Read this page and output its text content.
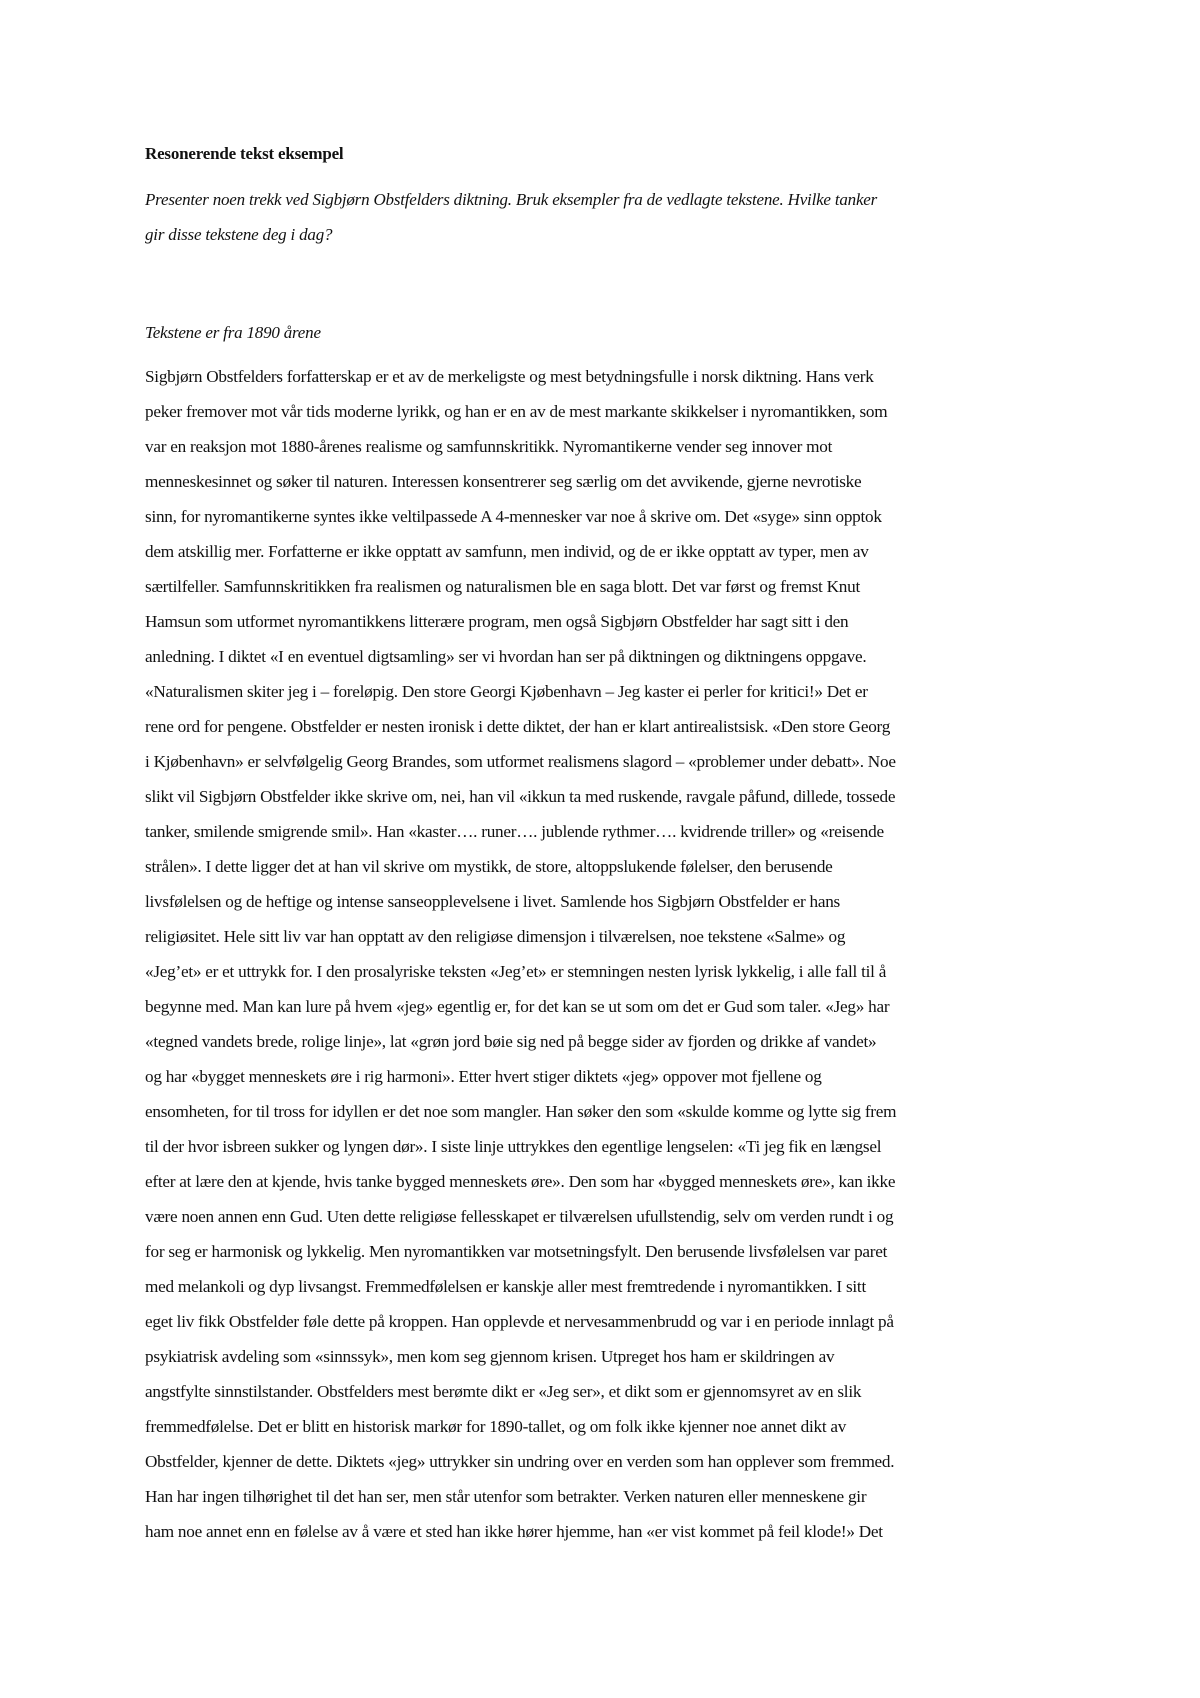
Resonerende tekst eksempel

Presenter noen trekk ved Sigbjørn Obstfelders diktning. Bruk eksempler fra de vedlagte tekstene. Hvilke tanker
gir disse tekstene deg i dag?

Tekstene er fra 1890 årene

Sigbjørn Obstfelders forfatterskap er et av de merkeligste og mest betydningsfulle i norsk diktning. Hans verk
peker fremover mot vår tids moderne lyrikk, og han er en av de mest markante skikkelser i nyromantikken, som
var en reaksjon mot 1880-årenes realisme og samfunnskritikk. Nyromantikerne vender seg innover mot
menneskesinnet og søker til naturen. Interessen konsentrerer seg særlig om det avvikende, gjerne nevrotiske
sinn, for nyromantikerne syntes ikke veltilpassede A 4-mennesker var noe å skrive om. Det «syge» sinn opptok
dem atskillig mer. Forfatterne er ikke opptatt av samfunn, men individ, og de er ikke opptatt av typer, men av
særtilfeller. Samfunnskritikken fra realismen og naturalismen ble en saga blott. Det var først og fremst Knut
Hamsun som utformet nyromantikkens litterære program, men også Sigbjørn Obstfelder har sagt sitt i den
anledning. I diktet «I en eventuel digtsamling» ser vi hvordan han ser på diktningen og diktningens oppgave.
«Naturalismen skiter jeg i – foreløpig. Den store Georgi Kjøbenhavn – Jeg kaster ei perler for kritici!» Det er
rene ord for pengene. Obstfelder er nesten ironisk i dette diktet, der han er klart antirealistsisk. «Den store Georg
i Kjøbenhavn» er selvfølgelig Georg Brandes, som utformet realismens slagord – «problemer under debatt». Noe
slikt vil Sigbjørn Obstfelder ikke skrive om, nei, han vil «ikkun ta med ruskende, ravgale påfund, dillede, tossede
tanker, smilende smigrende smil». Han «kaster…. runer…. jublende rythmer…. kvidrende triller» og «reisende
strålen». I dette ligger det at han vil skrive om mystikk, de store, altoppslukende følelser, den berusende
livsfølelsen og de heftige og intense sanseopplevelsene i livet. Samlende hos Sigbjørn Obstfelder er hans
religiøsitet. Hele sitt liv var han opptatt av den religiøse dimensjon i tilværelsen, noe tekstene «Salme» og
«Jeg’et» er et uttrykk for. I den prosalyriske teksten «Jeg’et» er stemningen nesten lyrisk lykkelig, i alle fall til å
begynne med. Man kan lure på hvem «jeg» egentlig er, for det kan se ut som om det er Gud som taler. «Jeg» har
«tegned vandets brede, rolige linje», lat «grøn jord bøie sig ned på begge sider av fjorden og drikke af vandet»
og har «bygget menneskets øre i rig harmoni». Etter hvert stiger diktets «jeg» oppover mot fjellene og
ensomheten, for til tross for idyllen er det noe som mangler. Han søker den som «skulde komme og lytte sig frem
til der hvor isbreen sukker og lyngen dør». I siste linje uttrykkes den egentlige lengselen: «Ti jeg fik en længsel
efter at lære den at kjende, hvis tanke bygged menneskets øre». Den som har «bygged menneskets øre», kan ikke
være noen annen enn Gud. Uten dette religiøse fellesskapet er tilværelsen ufullstendig, selv om verden rundt i og
for seg er harmonisk og lykkelig. Men nyromantikken var motsetningsfylt. Den berusende livsfølelsen var paret
med melankoli og dyp livsangst. Fremmedfølelsen er kanskje aller mest fremtredende i nyromantikken. I sitt
eget liv fikk Obstfelder føle dette på kroppen. Han opplevde et nervesammenbrudd og var i en periode innlagt på
psykiatrisk avdeling som «sinnssyk», men kom seg gjennom krisen. Utpreget hos ham er skildringen av
angstfylte sinnstilstander. Obstfelders mest berømte dikt er «Jeg ser», et dikt som er gjennomsyret av en slik
fremmedfølelse. Det er blitt en historisk markør for 1890-tallet, og om folk ikke kjenner noe annet dikt av
Obstfelder, kjenner de dette. Diktets «jeg» uttrykker sin undring over en verden som han opplever som fremmed.
Han har ingen tilhørighet til det han ser, men står utenfor som betrakter. Verken naturen eller menneskene gir
ham noe annet enn en følelse av å være et sted han ikke hører hjemme, han «er vist kommet på feil klode!» Det
